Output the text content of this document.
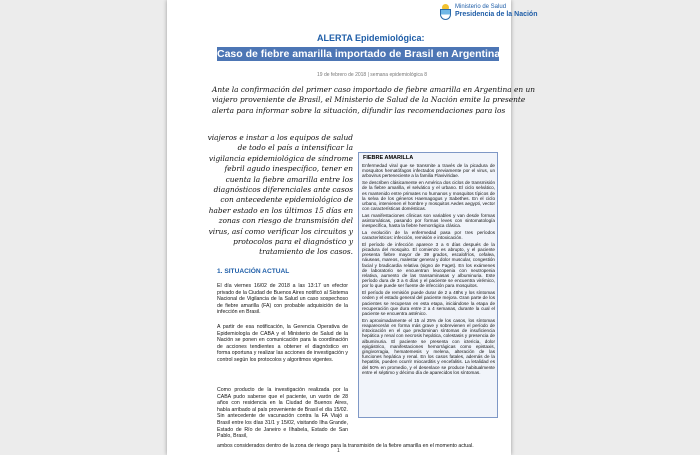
Ministerio de Salud
Presidencia de la Nación
ALERTA Epidemiológica:
Caso de fiebre amarilla importado de Brasil en Argentina
19 de febrero de 2018 | semana epidemiológica 8
Ante la confirmación del primer caso importado de fiebre amarilla en Argentina en un
viajero proveniente de Brasil, el Ministerio de Salud de la Nación emite la presente
alerta para informar sobre la situación, difundir las recomendaciones para los
viajeros e instar a los equipos de salud
de todo el país a intensificar la
vigilancia epidemiológica de síndrome
febril agudo inespecífico, tener en
cuenta la fiebre amarilla entre los
diagnósticos diferenciales ante casos
con antecedente epidemiológico de
haber estado en los últimos 15 días en
zonas con riesgo de transmisión del
virus, así como verificar los circuitos y
protocolos para el diagnóstico y
tratamiento de los casos.
FIEBRE AMARILLA

Enfermedad viral que se transmite a través de la picadura de mosquitos hematófagos infectados previamente por el virus, un arbovirus perteneciente a la familia Flaviviridae.

Se describen clásicamente en América dos ciclos de transmisión de la fiebre amarilla, el selvático y el urbano. El ciclo selvático, es mantenido entre primates no humanos y mosquitos típicos de la selva de los géneros Haemagogus y Sabethes. En el ciclo urbano, intervienen el hombre y mosquitos Aedes aegypti, vector con características domésticas.

Las manifestaciones clínicas son variables y van desde formas asintomáticas, pasando por formas leves con sintomatología inespecífica, hasta la fiebre hemorrágica clásica.

La evolución de la enfermedad pasa por tres períodos característicos: infección, remisión e intoxicación.

El período de infección aparece 3 a 6 días después de la picadura del mosquito. El comienzo es abrupto, y el paciente presenta fiebre mayor de 39 grados, escalofríos, cefalea, náuseas, mareos, malestar general y dolor muscular, congestión facial y bradicardia relativa (signo de Faget). En los exámenes de laboratorio se encuentran leucopenia con neutropenia relativa, aumento de las transaminasas y albuminuria. Este período dura de 3 a 6 días y el paciente se encuentra virémico, por lo que puede ser fuente de infección para mosquitos.

El período de remisión puede durar de 2 a 48hs y los síntomas ceden y el estado general del paciente mejora. Gran parte de los pacientes se recuperan en esta etapa, iniciándose la etapa de recuperación que dura entre 2 a 4 semanas, durante la cual el paciente se encuentra asténico.

En aproximadamente el 15 al 25% de los casos, los síntomas reaparecerán en forma más grave y sobrevienen el período de intoxicación en el que predominan síntomas de insuficiencia hepática y renal con necrosis hepática, colestasis y presencia de albuminuria. El paciente se presenta con ictericia, dolor epigástrico, manifestaciones hemorrágicas como epistaxis, gingivorragia, hematemesis y melena, alteración de las funciones hepática y renal. En los casos fatales, además de la hepatitis, pueden ocurrir miocarditis y encefalitis. La letalidad es del 50% en promedio, y el desenlace se produce habitualmente entre el séptimo y décimo día de aparecidos los síntomas.

1. SITUACIÓN ACTUAL

El día viernes 16/02 de 2018 a las 13:17 un efector privado de la Ciudad de Buenos Aires notificó al Sistema Nacional de Vigilancia de la Salud un caso sospechoso de fiebre amarilla (FA) con probable adquisición de la infección en Brasil.

A partir de esa notificación, la Gerencia Operativa de Epidemiología de CABA y el Ministerio de Salud de la Nación se ponen en comunicación para la coordinación de acciones tendientes a obtener el diagnóstico en forma oportuna y realizar las acciones de investigación y control según los protocolos y algoritmos vigentes.

Como producto de la investigación realizada por la CABA pudo saberse que el paciente, un varón de 28 años con residencia en la Ciudad de Buenos Aires, había arribado al país proveniente de Brasil el día 15/02. Sin antecedente de vacunación contra la FA Viajó a Brasil entre los días 31/1 y 15/02, visitando Ilha Grande, Estado de Río de Janeiro e Ilhabela, Estado de San Pablo, Brasil,

ambos considerados dentro de la zona de riesgo para la transmisión de la fiebre amarilla en el momento actual.

1
